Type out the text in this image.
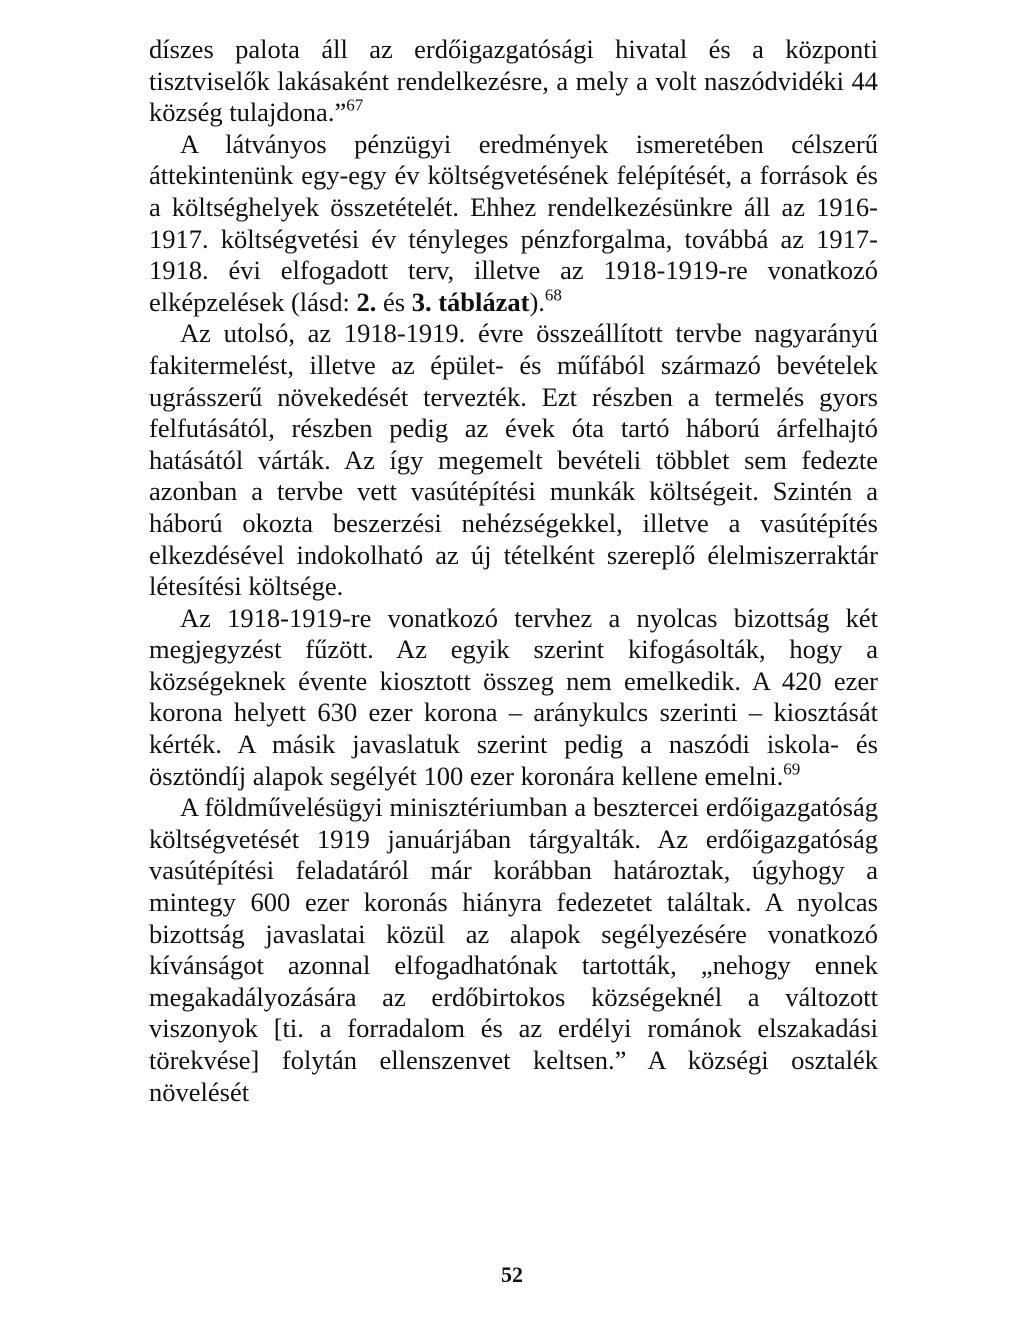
díszes palota áll az erdőigazgatósági hivatal és a központi tisztviselők lakásaként rendelkezésre, a mely a volt naszódvidéki 44 község tulajdona.”$^{67}$

A látványos pénzügyi eredmények ismeretében célszerű áttekintenünk egy-egy év költségvetésének felépítését, a források és a költséghelyek összetételét. Ehhez rendelkezésünkre áll az 1916-1917. költségvetési év tényleges pénzforgalma, továbbá az 1917-1918. évi elfogadott terv, illetve az 1918-1919-re vonatkozó elképzelések (lásd: 2. és 3. táblázat).$^{68}$

Az utolsó, az 1918-1919. évre összeállított tervbe nagyarányú fakitermelést, illetve az épület- és műfából származó bevételek ugrásszerű növekedését tervezték. Ezt részben a termelés gyors felfutásától, részben pedig az évek óta tartó háború árfelhajtó hatásától várták. Az így megemelt bevételi többlet sem fedezte azonban a tervbe vett vasútépítési munkák költségeit. Szintén a háború okozta beszerzési nehézségekkel, illetve a vasútépítés elkezdésével indokolható az új tételként szereplő élelmiszerraktár létesítési költsége.

Az 1918-1919-re vonatkozó tervhez a nyolcas bizottság két megjegyzést fűzött. Az egyik szerint kifogásolták, hogy a községeknek évente kiosztott összeg nem emelkedik. A 420 ezer korona helyett 630 ezer korona – aránykulcs szerinti – kiosztását kérték. A másik javaslatuk szerint pedig a naszódi iskola- és ösztöndíj alapok segélyét 100 ezer koronára kellene emelni.$^{69}$

A földművelésügyi minisztériumban a besztercei erdőigazgatóság költségvetését 1919 januárjában tárgyalták. Az erdőigazgatóság vasútépítési feladatáról már korábban határoztak, úgyhogy a mintegy 600 ezer koronás hiányra fedezetet találtak. A nyolcas bizottság javaslatai közül az alapok segélyezésére vonatkozó kívánságot azonnal elfogadhatónak tartották, „nehogy ennek megakadályozására az erdőbirtokos községeknél a változott viszonyok [ti. a forradalom és az erdélyi románok elszakadási törekvése] folytán ellenszenvet keltsen.” A községi osztalék növelését

52
